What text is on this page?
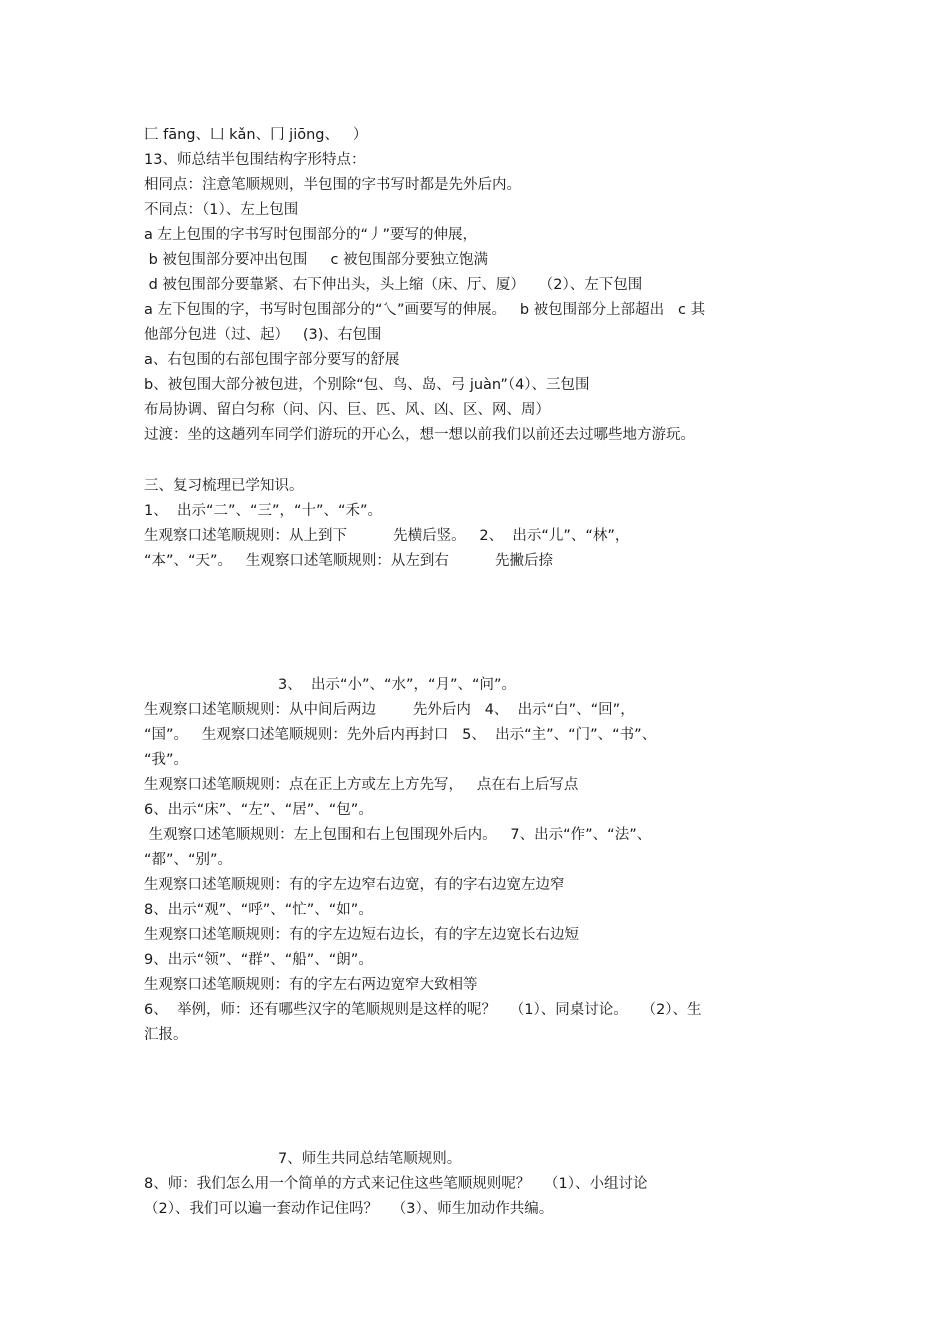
匚 fāng、凵 kǎn、冂 jiōng、   ）

13、师总结半包围结构字形特点：

相同点：注意笔顺规则，半包围的字书写时都是先外后内。

不同点：（1）、左上包围

a 左上包围的字书写时包围部分的“丿”要写的伸展，

b 被包围部分要冲出包围     c 被包围部分要独立饱满

d 被包围部分要靠紧、右下伸出头，头上缩（床、厅、厦）   （2）、左下包围

a 左下包围的字，书写时包围部分的“乀”画要写的伸展。   b 被包围部分上部超出   c 其

他部分包进（过、起）   (3)、右包围

a、右包围的右部包围字部分要写的舒展

b、被包围大部分被包进，个别除“包、鸟、岛、弓 juàn”（4）、三包围

布局协调、留白匀称（问、闪、巨、匹、风、凶、区、网、周）

过渡：坐的这趟列车同学们游玩的开心么，想一想以前我们以前还去过哪些地方游玩。

三、复习梳理已学知识。

1、  出示“二”、“三”，“十”、“禾”。

生观察口述笔顺规则：从上到下          先横后竖。   2、  出示“儿”、“林”，

“本”、“天”。   生观察口述笔顺规则：从左到右          先撇后捺

3、  出示“小”、“水”，“月”、“问”。

生观察口述笔顺规则：从中间后两边        先外后内   4、  出示“白”、“回”，

“国”。   生观察口述笔顺规则：先外后内再封口   5、  出示“主”、“门”、“书”、

“我”。

生观察口述笔顺规则：点在正上方或左上方先写，   点在右上后写点

6、出示“床”、“左”、“居”、“包”。

生观察口述笔顺规则：左上包围和右上包围现外后内。   7、出示“作”、“法”、

“都”、“别”。

生观察口述笔顺规则：有的字左边窄右边宽，有的字右边宽左边窄

8、出示“观”、“呼”、“忙”、“如”。

生观察口述笔顺规则：有的字左边短右边长，有的字左边宽长右边短

9、出示“领”、“群”、“船”、“朗”。

生观察口述笔顺规则：有的字左右两边宽窄大致相等

6、  举例，师：还有哪些汉字的笔顺规则是这样的呢？   （1）、同桌讨论。   （2）、生

汇报。

7、师生共同总结笔顺规则。

8、师：我们怎么用一个简单的方式来记住这些笔顺规则呢？   （1）、小组讨论

（2）、我们可以遍一套动作记住吗？   （3）、师生加动作共编。
